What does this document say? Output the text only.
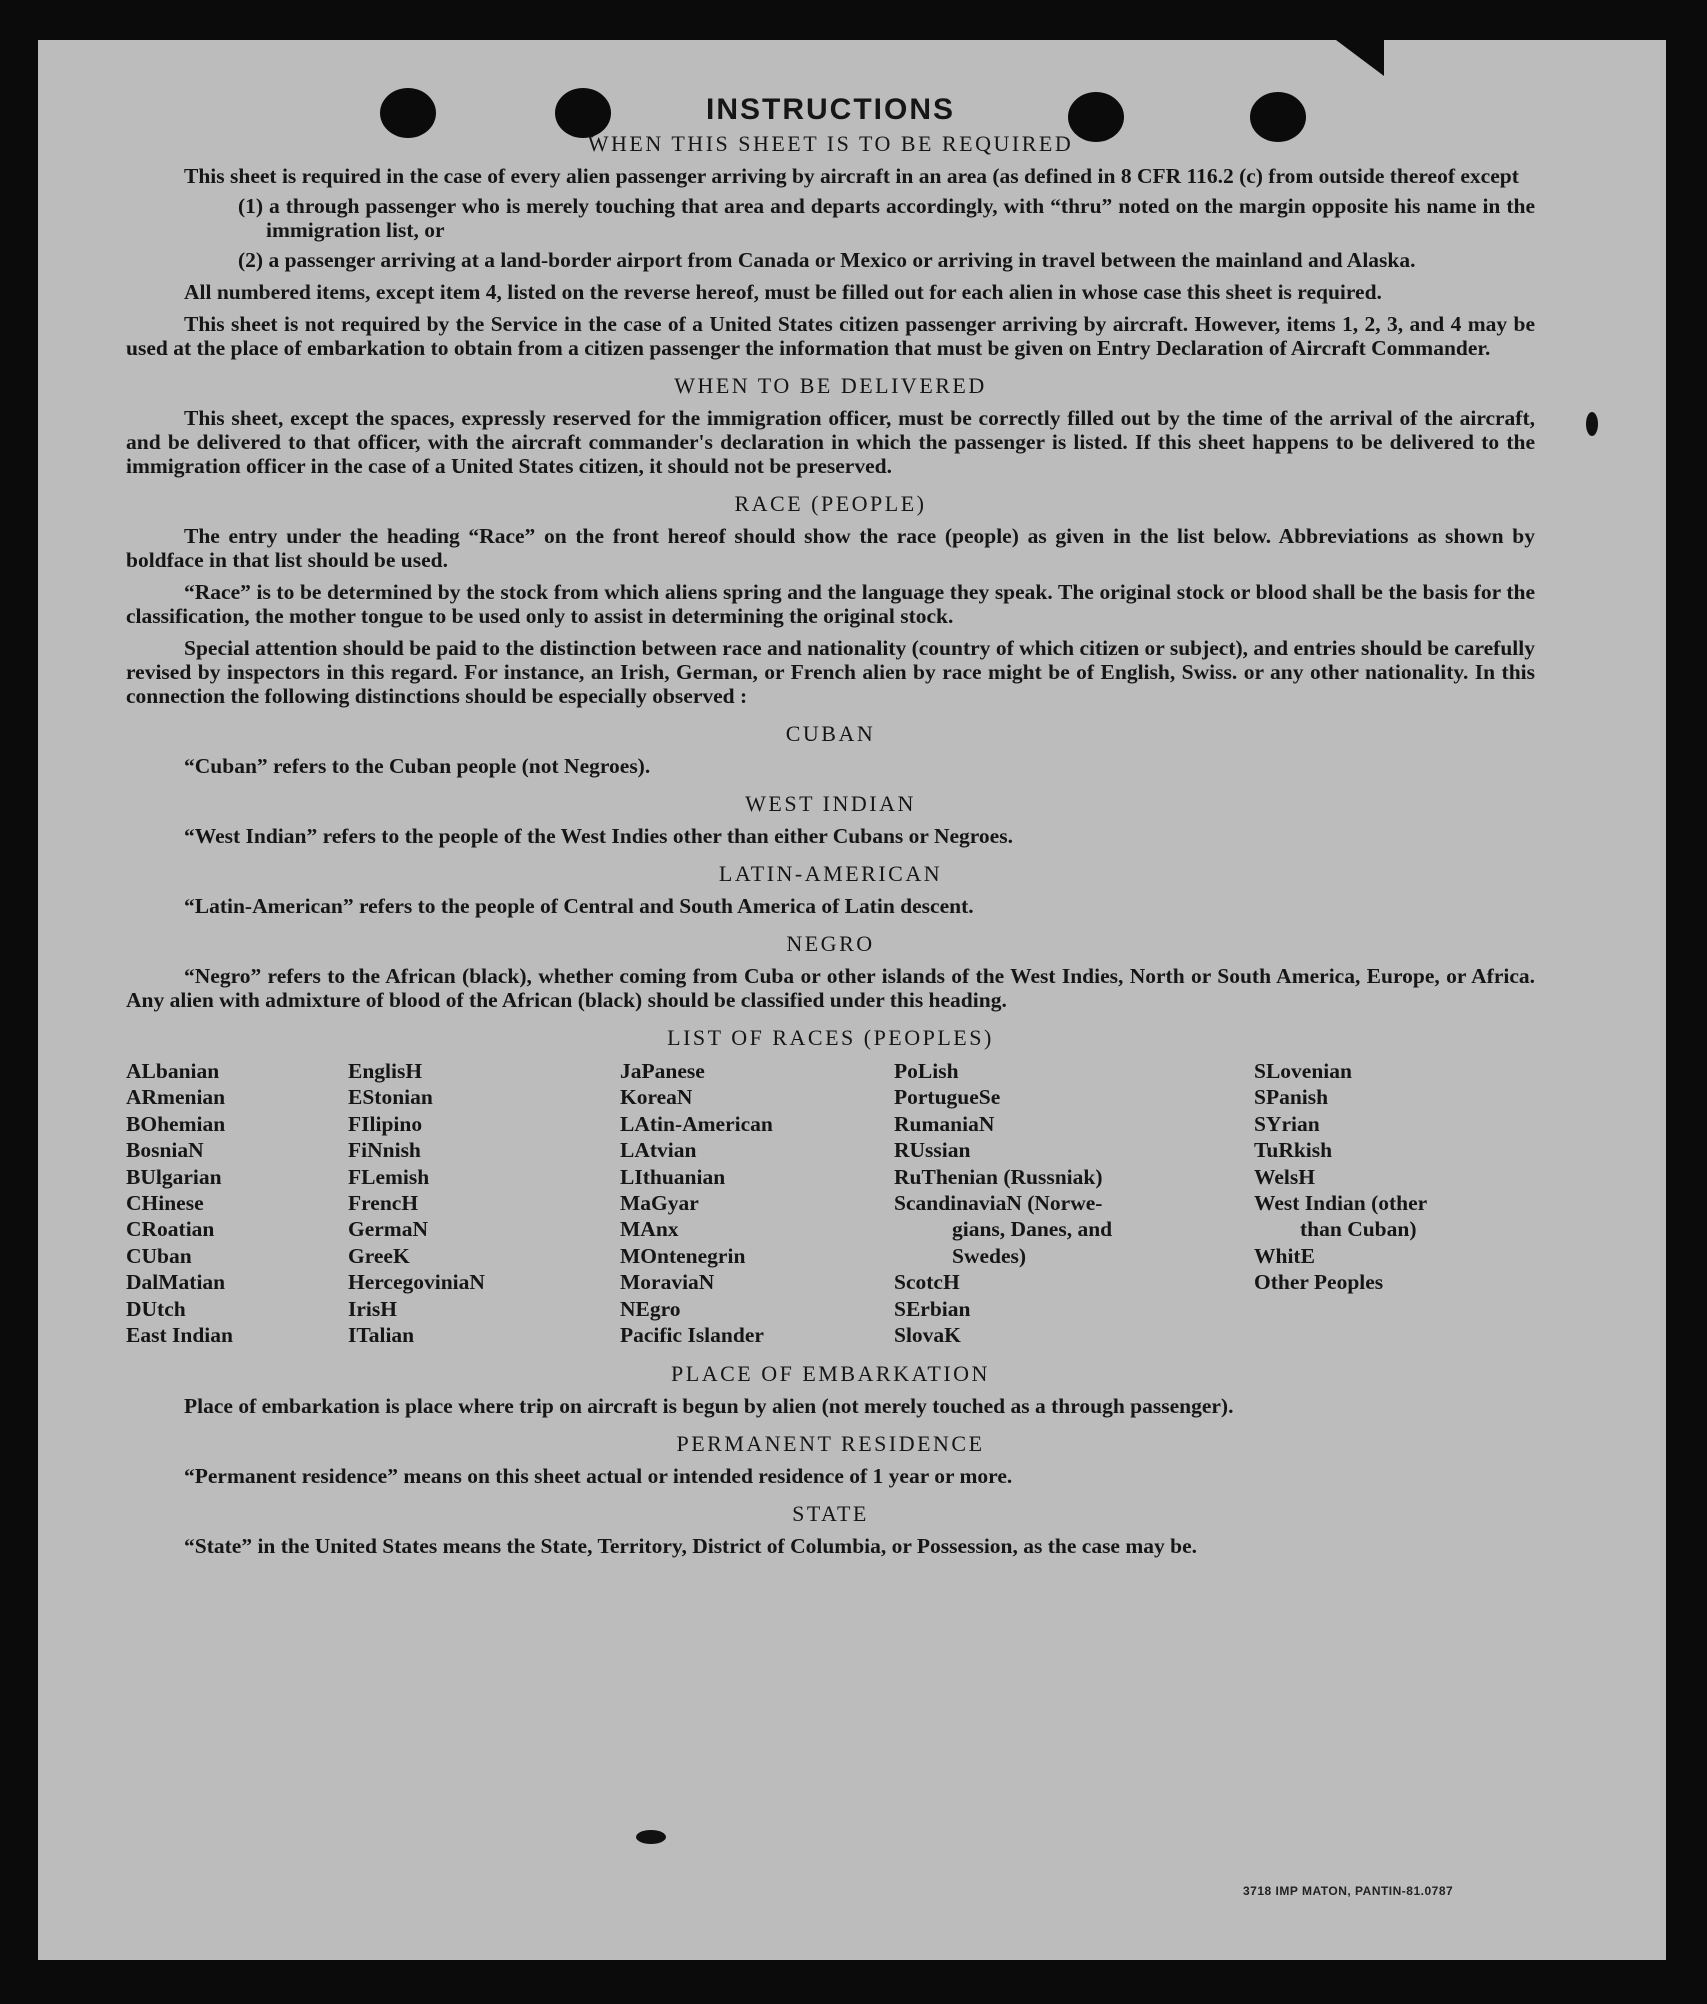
INSTRUCTIONS
WHEN THIS SHEET IS TO BE REQUIRED

This sheet is required in the case of every alien passenger arriving by aircraft in an area (as defined in 8 CFR 116.2 (c) from outside thereof except

(1) a through passenger who is merely touching that area and departs accordingly, with “thru” noted on the margin opposite his name in the immigration list, or

(2) a passenger arriving at a land-border airport from Canada or Mexico or arriving in travel between the mainland and Alaska.

All numbered items, except item 4, listed on the reverse hereof, must be filled out for each alien in whose case this sheet is required.

This sheet is not required by the Service in the case of a United States citizen passenger arriving by aircraft. However, items 1, 2, 3, and 4 may be used at the place of embarkation to obtain from a citizen passenger the information that must be given on Entry Declaration of Aircraft Commander.

WHEN TO BE DELIVERED

This sheet, except the spaces, expressly reserved for the immigration officer, must be correctly filled out by the time of the arrival of the aircraft, and be delivered to that officer, with the aircraft commander's declaration in which the passenger is listed. If this sheet happens to be delivered to the immigration officer in the case of a United States citizen, it should not be preserved.

RACE (PEOPLE)

The entry under the heading “Race” on the front hereof should show the race (people) as given in the list below. Abbreviations as shown by boldface in that list should be used.

“Race” is to be determined by the stock from which aliens spring and the language they speak. The original stock or blood shall be the basis for the classification, the mother tongue to be used only to assist in determining the original stock.

Special attention should be paid to the distinction between race and nationality (country of which citizen or subject), and entries should be carefully revised by inspectors in this regard. For instance, an Irish, German, or French alien by race might be of English, Swiss. or any other nationality. In this connection the following distinctions should be especially observed :

CUBAN

“Cuban” refers to the Cuban people (not Negroes).

WEST INDIAN

“West Indian” refers to the people of the West Indies other than either Cubans or Negroes.

LATIN-AMERICAN

“Latin-American” refers to the people of Central and South America of Latin descent.

NEGRO

“Negro” refers to the African (black), whether coming from Cuba or other islands of the West Indies, North or South America, Europe, or Africa. Any alien with admixture of blood of the African (black) should be classified under this heading.

LIST OF RACES (PEOPLES)
ALbanian
ARmenian
BOhemian
BosniaN
BUlgarian
CHinese
CRoatian
CUban
DalMatian
DUtch
East Indian
EnglisH
EStonian
FIlipino
FiNnish
FLemish
FrencH
GermaN
GreeK
HercegoviniaN
IrisH
ITalian
JaPanese
KoreaN
LAtin-American
LAtvian
LIthuanian
MaGyar
MAnx
MOntenegrin
MoraviaN
NEgro
Pacific Islander
PoLish
PortugueSe
RumaniaN
RUssian
RuThenian (Russniak)
ScandinaviaN (Norwe-
gians, Danes, and
Swedes)
ScotcH
SErbian
SlovaK
SLovenian
SPanish
SYrian
TuRkish
WelsH
West Indian (other
than Cuban)
WhitE
Other Peoples
PLACE OF EMBARKATION

Place of embarkation is place where trip on aircraft is begun by alien (not merely touched as a through passenger).

PERMANENT RESIDENCE

“Permanent residence” means on this sheet actual or intended residence of 1 year or more.

STATE

“State” in the United States means the State, Territory, District of Columbia, or Possession, as the case may be.

3718 IMP MATON, PANTIN-81.0787
